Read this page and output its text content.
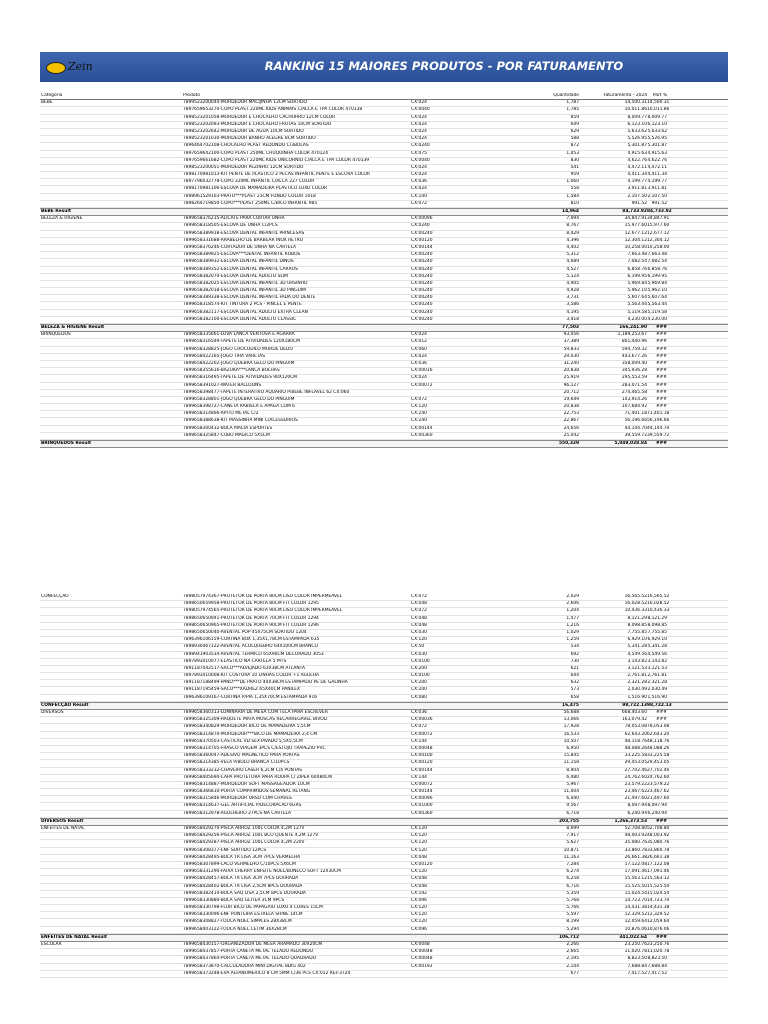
Zein	RANKING 15 MAIORES PRODUTOS - POR FATURAMENTO
Categoria	Produto	Quantidade	Faturamento - 2024	Part %
BEBE	7899523200044-MORDEDOR MACIJINHA 12CM SORTIDO	CX:024	1,787	14,500.31 14,500.31
7897659653270-COPO PLAST 220ML KIDS ANIMAIS C/ALCA E TPA COLOR 470138	CX:0040	1,785	10,011.86 10,011.86
7898523201058-MORDEDOR E CHOCALHO CACHORRO 12CM COLOR	CX:024	859	8,009.77 8,009.77
7898523202093-MORDEDOR E CHOCALHO FRUTAS 10CM SORTIDO	CX:024	649	6,123.10 6,123.10
7898523202642-MORDEDOR DE AGUA 10CM SORTIDO	CX:024	629	5,633.62 5,633.62
7898523201030-MORDEDOR BANHO ALEGRE 8CM SORTIDO	CX:024	588	5,526.95 5,526.95
7896464702108-CHOCALHO PLAST REDONDO C/3BOLAS	CX:0240	872	5,301.87 5,301.87
7897659642100-COPO PLAST 250ML CHUQUINHA COLOR 470124	CX:075	1,453	4,915.63 4,915.63
7897659661682-COPO PLAST 220ML KIDS UNICORNIO C/ALCA E TPA COLOR 470139	CX:0040	830	4,622.76 4,622.76
7898523200051-MORDEDOR PEZINHO 12CM SORTIDO	CX:024	541	4,472.11 4,472.11
7898170981013-KIT PENTE DE PLASTICO 2 PECAS INFANTIL PENTE E ESCOVA COLOR	CX:024	959	4,411.34 4,411.34
7897796032778-COPO 320ML INFANTIL C/ALCA 227 COLOR	CX:036	1,060	4,199.77 4,199.77
7898170981106-ESCOVA DE MAMADEIRA PLASTICO LUXO COLOR	CX:024	558	3,911.81 3,911.81
7898961529103-PRATO***PLAST 23CM FUNDO COLOR 1018	CX:100	1,584	2,107.50 2,107.50
7898264719850-COPO***PLAST 250ML C/BICO INFANTIL 985	CX:072	810	991.52	991.52
BEBE Result	14,964	84,733.92 84,733.92
BELEZA & HIGIENE	7899658376215-ALICATE PARA CORTAR UNHA	CX:00096	7,094	34,847.91 34,847.91
7899658318505-ESCOVA DE UNHA C/2PCS	CX:0240	8,767	15,977.60 15,977.60
7899658389918-ESCOVA DENTAL INFANTIL PRINCESAS	CX:00240	8,429	12,677.12 12,677.12
7899658331688-ARABELHO DE BARBEAR INOX RETRO	CX:00120	4,396	12,304.12 12,304.12
7899658376246-CORTADOR DE UNHA NA CARTELA	CX:00144	4,402	10,258.00 10,258.00
7899658389925-ESCOVA***DENTAL INFANTIL ROBOS	CX:00240	5,312	7,663.48 7,663.48
7899658389932-ESCOVA DENTAL INFANTIL DINOS	CX:00240	4,689	7,082.54 7,082.54
7899658389352-ESCOVA DENTAL INFANTIL CARROS	CX:00240	4,527	6,858.76 6,858.76
7899658382070-ESCOVA DENTAL ADULTO SLIM	CX:00240	5,124	6,199.95 6,199.95
7899658382025-ESCOVA DENTAL INFANTIL 3D URSINHO	CX:00240	4,905	5,969.84 5,969.84
7899658382018-ESCOVA DENTAL INFANTIL 3D PINGUIM	CX:00240	4,928	5,962.10 5,962.10
7899658389338-ESCOVA DENTAL INFANTIL FADA DO DENTE	CX:00240	3,731	5,607.64 5,607.64
7899658318574-KIT TINTURA 2 PCS - PINCEL E PENTE	CX:00240	3,586	5,563.44 5,563.44
7899658382117-ESCOVA DENTAL ADULTO EXTRA CLEAN	CX:00240	4,195	5,119.58 5,119.58
7899658382100-ESCOVA DENTAL ADULTO CLASSIC	CX:00240	3,418	4,230.00 4,230.00
BELEZA & HIGIENE Result	77,503	166,241.90	###
BRINQUEDOS	7899658335661-LUVA LANCA VENTOSA E AGARRA	CX:024	93,456	1,189,253.67	###
7899658316549-TAPETE DE ATIVIDADES 120X180CM	CX:012	37,389	801,440.96	###
7899658328825-JOGO CROCODILO MORDE DEDO	CX:060	59,833	594,759.32	###
7899658422165-JOGO TIRA VARETAS	CX:024	29,030	443,677.26	###
7899658422202-JOGO QUEBRA GELO DO PINGUIM	CX:036	31,240	358,009.40	###
7899658355616-BAZUKA***LANCA BOLHAS	CX:00016	20,838	345,936.28	###
7899658316495-TAPETE DE ATIVIDADES 90X120CM	CX:024	25,919	295,553.59	###
7899658391027-WATER BALLOONS	CX:00072	96,127	283,071.54	###
7899658398477-TAPETE INTERATIVO AQUARIO P/BEBE INFLAVEL 62 CX:060	20,712	274,465.58	###
7899658328801-JOGO QUEBRA GELO DO PINGUIM	CX:072	19,649	143,914.26	###
7899658398727-CANETA RABISCA E APAGA COM 6	CX:120	20,838	107,684.92	###
7899658314866-APITO METAL C/2	CX:240	22,753	71,401.18 71,401.18
7899658388638-KIT MASSINHA MINI C/ACESSORIOS	CX:240	22,867	56,196.66 56,196.66
7899658300432-BOLA MACIA ESPORTES	CX:00144	24,656	44,144.70 44,144.70
7899658325847-CUBO MAGICO 5X5CM	CX:00360	25,042	39,559.72 39,559.72
BRINQUEDOS Result	550,329	5,049,028.84	###
CONFECÇÃO	7898057974367-PROTETOR DE PORTA 80CM LISO COLOR IMPERMEAVEL	CX:072	2,029	16,565.52 16,565.52
7898650659958-PROTETOR DE PORTA 80CM FIT COLOR 1295	CX:048	2,606	16,028.52 16,028.52
7898057974565-PROTETOR DE PORTA 90CM LISO COLOR IMPERMEAVEL	CX:072	1,204	10,436.33 10,436.33
7898650650941-PROTETOR DE PORTA 70CM FIT COLOR 1294	CX:048	1,477	8,121.29 8,121.29
7898650650965-PROTETOR DE PORTA 90CM FIT COLOR 1296	CX:048	1,216	8,098.85 8,098.85
7898650650040-AVENTAL POP 45X75CM SORTIDO 1204	CX:030	1,029	7,755.85 7,755.85
7896396106159-CORTINA BOX 1,35X1,78CM ESTAMPADA 635	CX:120	1,259	6,929.10 6,929.10
7898930467122-AVENTAL ACOLQUEBRO 64X100CM BRANCO	CX:50	534	5,341.28 5,341.28
7898941903534-AVENTAL TERMICO 65X90CM DECORADO 3053	CX:030	692	4,549.56 4,549.56
7897893410077-ELASTICO NA CARTELA 5 MTS	CX:0100	730	3,143.82 3,143.82
7891187042517-SACO***ALVEJADO 63X38CM ATLANTA	CX:200	621	3,121.53 3,121.53
7897893410008-KIT COSTURA 10 LINHAS COLOR +1 AGULHA	CX:0100	644	2,761.81 2,761.81
7891187188499-PANO***DE PRATO 44X38CM ESTAMPADO PE DE GALINHA	CX:200	632	2,321.28 2,321.28
7891187195459-SACO***XADREZ 65X40CM PANILEX	CX:200	573	2,030.49 2,030.49
7896396109167-CORTINA P/PIA 1,35X70CM ESTAMPADA 916	CX:080	658	1,516.90 1,516.90
CONFECÇÃO Result	16,475	98,722.13 98,722.13
DIVERSOS	7899658360313-LUMINARIA DE MESA COM TELA PARA ESCREVER	CX:036	56,688	668,403.60	###
7899658325309-RAQUETE MATA MOSCAS RECARREGAVEL BIVOLT	CX:00036	13,066	163,079.42	###
7899658340829-MORDEDOR BICO DE MAMADEIRA 5,5CM	CX:072	17,928	78,053.08 78,053.08
7899658314870-MORDEDOR***BICO DE MAMADEIRA 2,4 CM	CX:00072	16,533	62,643.20 62,643.20
7899658370503-CASTICAL VD SEXTAVADO 5,5X5,5CM	CX:144	10,507	48,118.76 48,118.76
7899658314705-FRASCO VIAGEM 3PCS C/ESTOJO TRAPEZIO PVC	CX:00048	6,950	48,088.26 48,088.26
7899658360047-ADESIVO MAGNETICO PARA PORTAS	CX:00100	15,845	33,225.58 33,225.58
7899658314385-VELA P/BOLO BRANCA C/10PCS	CX:00120	11,158	29,453.05 29,453.05
7899658333232-CHAVEIRO LASER 6,2CM C/4 PONTAS	CX:00144	8,904	27,702.46 27,702.46
7899658405694-CAPA PROTETORA PARA ROUPA C/ ZIPER 60X80CM	CX:144	6,480	24,762.60 24,762.60
7899658314887-MORDEDOR SOFT MASSAGEADOR 10CM	CX:00072	5,967	23,579.22 23,579.22
7899658366810-PORTA COMPRIMIDOS SEMANAL RETANG	CX:00144	11,004	23,467.62 23,467.62
7899658315846-MORDEDOR URSO COM CHAVES	CX:00096	6,440	21,497.60 21,497.60
7899658314637-GEL ARTIFICIAL P/DECORACAO 6GRS	CX:01000	9,567	8,097.94 8,097.94
7899658312978-AGULHEIRO 27PCS NA CARTELA	CX:00360	6,718	6,240.94 6,240.94
DIVERSOS Result	203,755	1,266,373.53	###
ENFEITES DE NATAL	7899658429270-PISCA ARROZ 100L COLOR 4,2M 127V	CX:120	8,699	52,708.80 52,708.80
7899658429256-PISCA ARROZ 100L BCO QUENTE 4,2M 127V	CX:120	7,917	48,003.92 48,003.92
7899658429287-PISCA ARROZ 100L COLOR 4,2M 220V	CX:120	5,627	35,080.76 35,080.76
7899658308377-ENF SORTIDO 12PCS	CX:120	10,871	33,860.78 33,860.78
7899658428495-BOLA TR LISA 3CM 7PCS VERMELHA	CX:048	11,163	26,661.38 26,661.38
7899658307899-LACO VERMELHO C/10PCS 5X6CM	CX:00120	7,284	17,122.08 17,122.08
7899658331290-FAIXA CHERRY ENFEITE NOEL/BONECO SOFT 12X30CM	CX:120	6,274	17,091.46 17,091.46
7899658428457-BOLA TR LISA 3CM 7PCS DOURADA	CX:048	6,258	15,563.12 15,563.12
7899658428402-BOLA TR LISA 2,5CM 8PCS DOURADA	CX:048	6,716	15,525.50 15,525.50
7899658382414-BOLA SAQ LISA 2,5CM 8PCS DOURADA	CX:192	5,359	15,024.54 15,024.54
7899658330880-BOLA SAQ GLITER 3CM 9PCS	CX:096	5,768	14,723.70 14,723.70
7899658330798-FLOR BICO DE PAPAGAIO LUXO 4 CORES 15CM	CX:120	5,766	14,431.38 14,431.38
7899658330096-ENF PONTEIRA ESTRELA SHINE 14CM	CX:120	5,597	12,329.52 12,329.52
7899658308827-TOUCA NOEL SIMPLES 28X38CM	CX:120	8,199	12,059.64 12,059.64
7899658403122-TOUCA NOEL CETIM 36X28CM	CX:096	5,294	10,876.06 10,876.06
ENFEITES DE NATAL Result	106,712	341,022.64	###
ESCOLAR	7899658430157-ORGANIZADOR DE MESA ARAMADO 30X20CM	CX:0048	2,266	23,250.76 23,250.76
7899658437857-PORTA CANETA METAL TELADO REDONDO	CX:00048	2,665	11,020.78 11,020.78
7899658437864-PORTA CANETA METAL TELADO QUADRADO	CX:00048	2,195	8,823.50 8,823.50
7899658373870-CALCULADORA MINI DIGITAL 8DIG 402	CX:00192	2,144	7,688.84 7,688.84
7899658373248-EVA ALFANUMERICO 8 CM 5MM C/36 PCS CX:012 REF:3724	677	7,417.52 7,417.52
